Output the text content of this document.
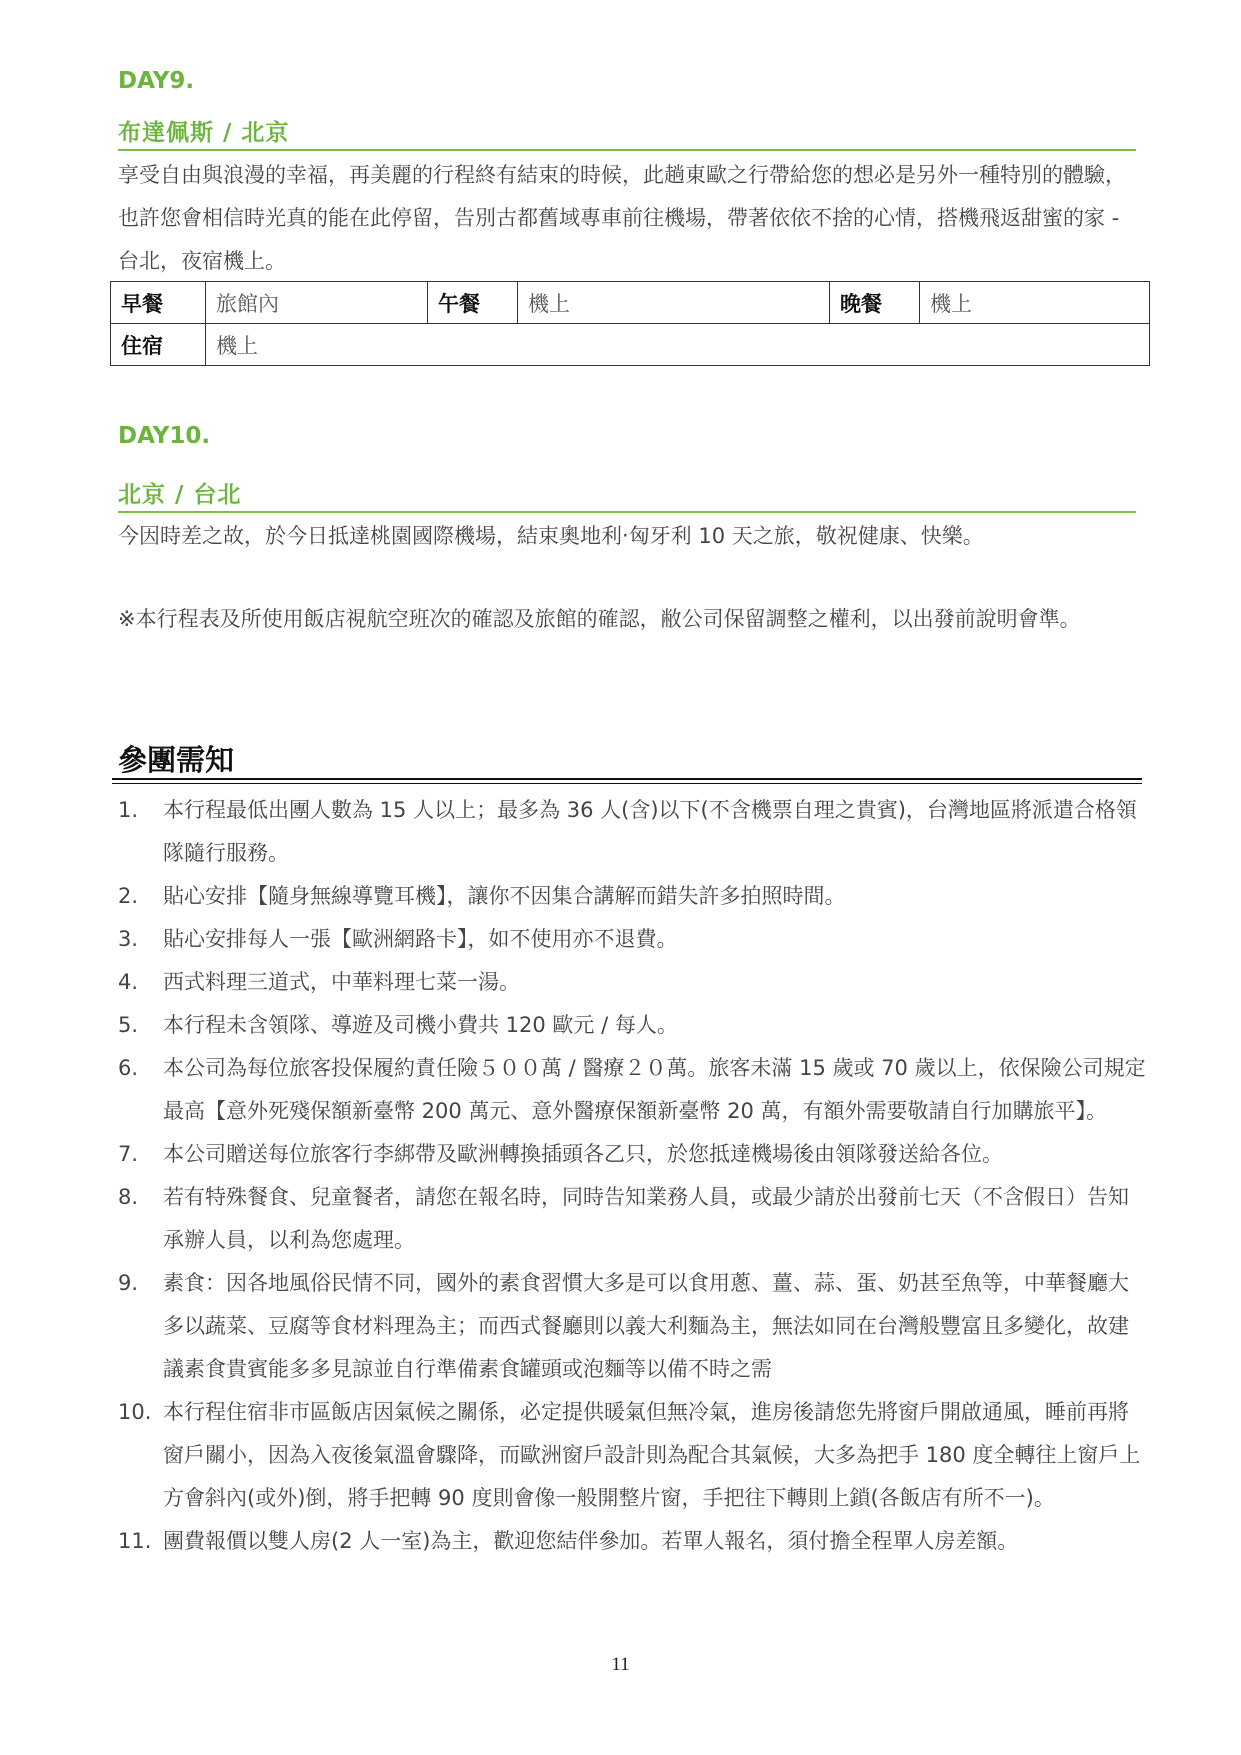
DAY9.
布達佩斯 / 北京
享受自由與浪漫的幸福，再美麗的行程終有結束的時候，此趟東歐之行帶給您的想必是另外一種特別的體驗，也許您會相信時光真的能在此停留，告別古都舊域專車前往機場，帶著依依不捨的心情，搭機飛返甜蜜的家 - 台北，夜宿機上。
早餐	旅館內	午餐	機上	晚餐	機上
住宿	機上				
DAY10.
北京 / 台北
今因時差之故，於今日抵達桃園國際機場，結束奧地利‧匈牙利 10 天之旅，敬祝健康、快樂。
※本行程表及所使用飯店視航空班次的確認及旅館的確認，敝公司保留調整之權利，以出發前說明會準。
參團需知
1. 本行程最低出團人數為 15 人以上；最多為 36 人(含)以下(不含機票自理之貴賓)，台灣地區將派遣合格領隊隨行服務。
2. 貼心安排【隨身無線導覽耳機】，讓你不因集合講解而錯失許多拍照時間。
3. 貼心安排每人一張【歐洲網路卡】，如不使用亦不退費。
4. 西式料理三道式，中華料理七菜一湯。
5. 本行程未含領隊、導遊及司機小費共 120 歐元 / 每人。
6. 本公司為每位旅客投保履約責任險５００萬 / 醫療２０萬。旅客未滿 15 歲或 70 歲以上，依保險公司規定最高【意外死殘保額新臺幣 200 萬元、意外醫療保額新臺幣 20 萬，有額外需要敬請自行加購旅平】。
7. 本公司贈送每位旅客行李綁帶及歐洲轉換插頭各乙只，於您抵達機場後由領隊發送給各位。
8. 若有特殊餐食、兒童餐者，請您在報名時，同時告知業務人員，或最少請於出發前七天（不含假日）告知承辦人員，以利為您處理。
9. 素食：因各地風俗民情不同，國外的素食習慣大多是可以食用蔥、薑、蒜、蛋、奶甚至魚等，中華餐廳大多以蔬菜、豆腐等食材料理為主；而西式餐廳則以義大利麵為主，無法如同在台灣般豐富且多變化，故建議素食貴賓能多多見諒並自行準備素食罐頭或泡麵等以備不時之需
10. 本行程住宿非市區飯店因氣候之關係，必定提供暖氣但無冷氣，進房後請您先將窗戶開啟通風，睡前再將窗戶關小，因為入夜後氣溫會驟降，而歐洲窗戶設計則為配合其氣候，大多為把手 180 度全轉往上窗戶上方會斜內(或外)倒，將手把轉 90 度則會像一般開整片窗，手把往下轉則上鎖(各飯店有所不一)。
11. 團費報價以雙人房(2 人一室)為主，歡迎您結伴參加。若單人報名，須付擔全程單人房差額。
11
